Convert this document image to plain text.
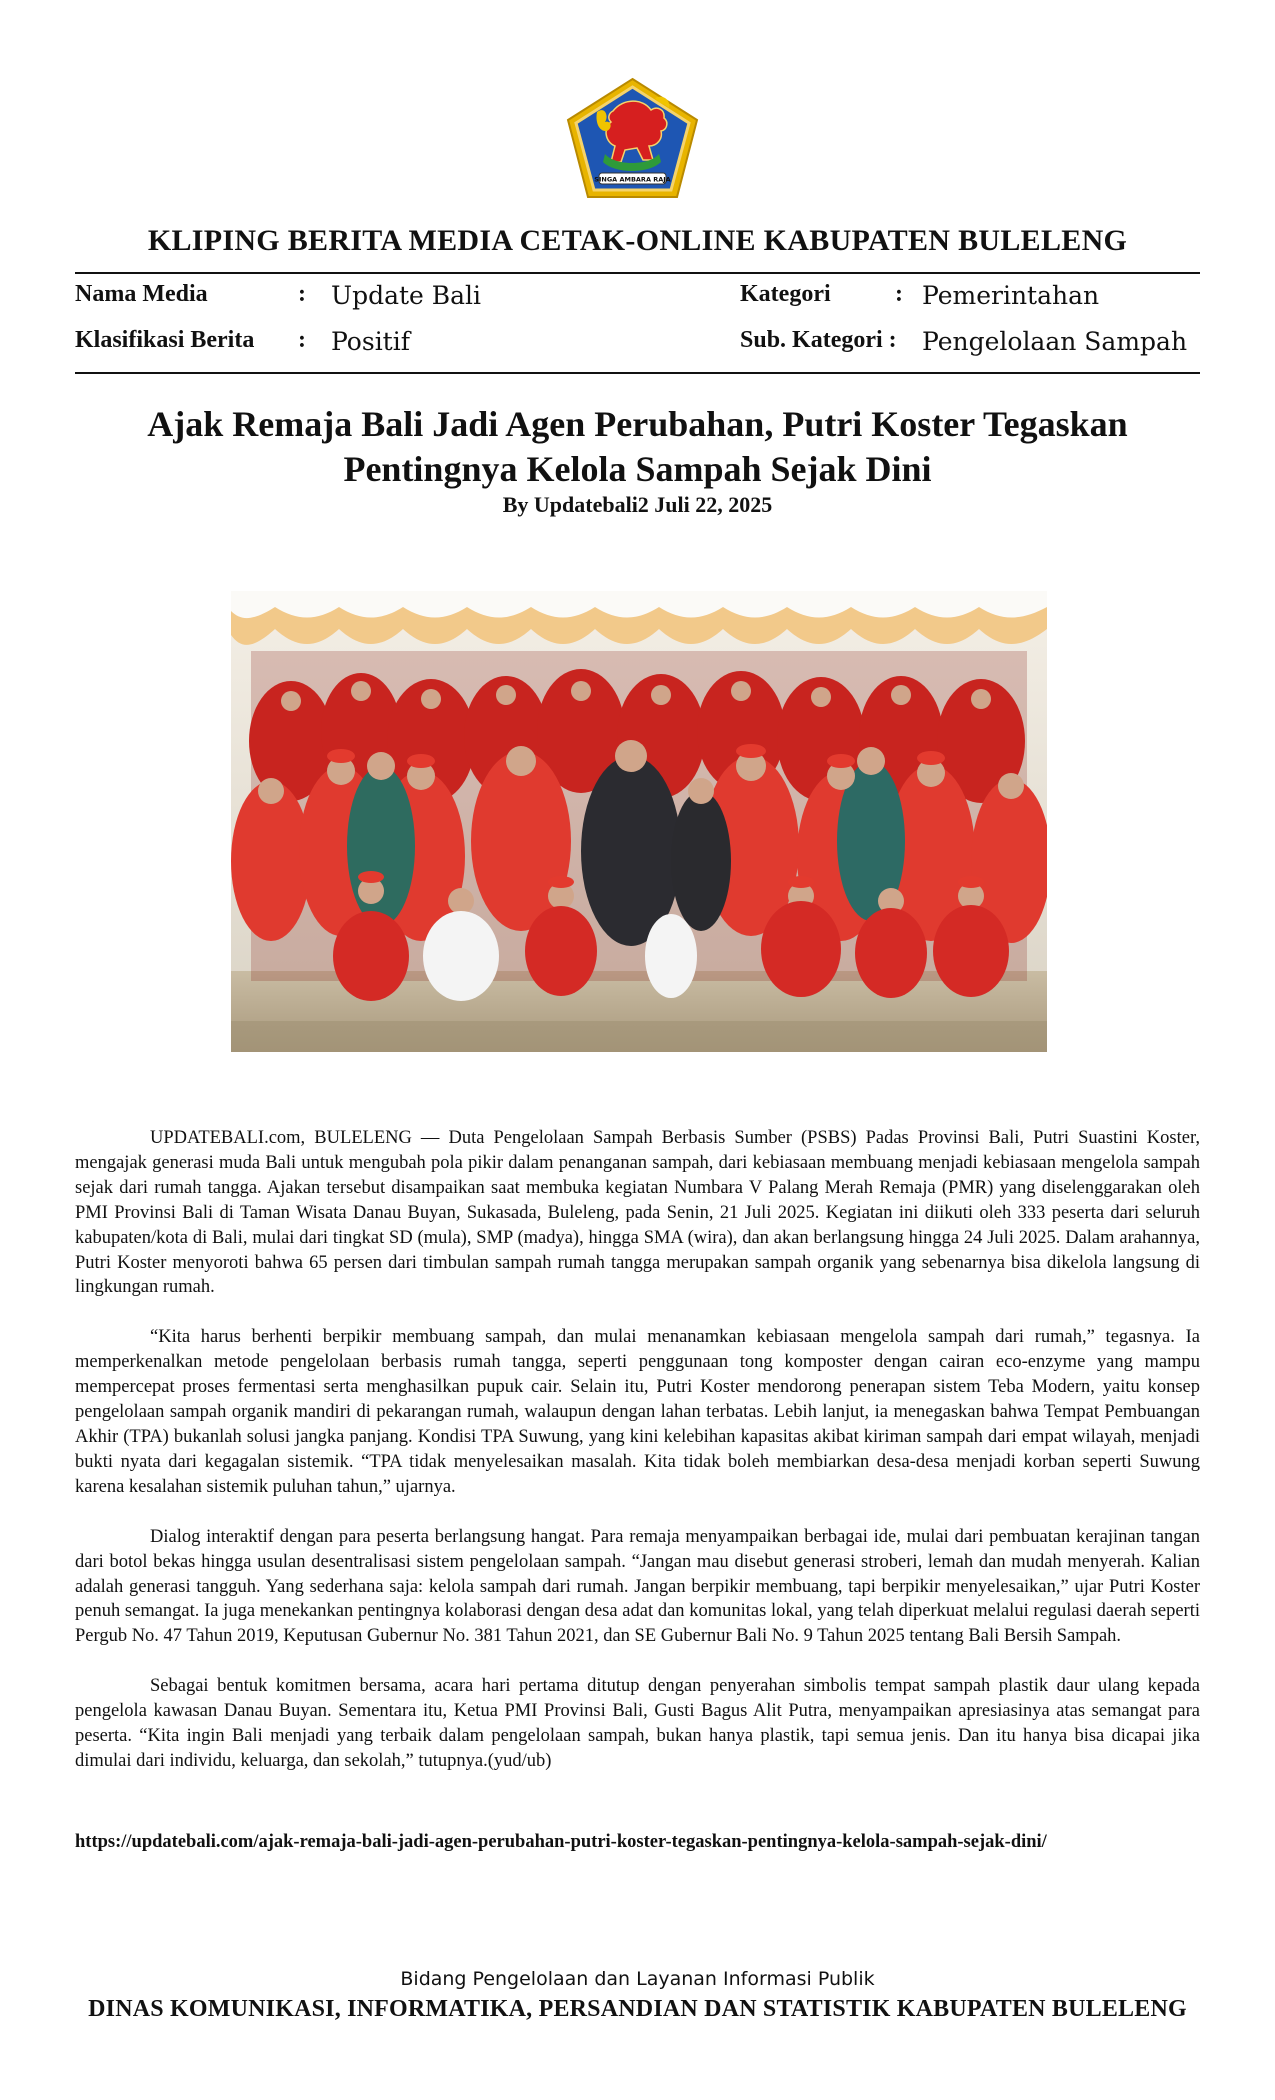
SINGA AMBARA RAJA
KLIPING BERITA MEDIA CETAK-ONLINE KABUPATEN BULELENG
Nama Media	: Update Bali	Kategori	: Pemerintahan
Klasifikasi Berita : Positif	Sub. Kategori : Pengelolaan Sampah
Ajak Remaja Bali Jadi Agen Perubahan, Putri Koster Tegaskan Pentingnya Kelola Sampah Sejak Dini
By Updatebali2 Juli 22, 2025

UPDATEBALI.com, BULELENG — Duta Pengelolaan Sampah Berbasis Sumber (PSBS) Padas Provinsi Bali, Putri Suastini Koster, mengajak generasi muda Bali untuk mengubah pola pikir dalam penanganan sampah, dari kebiasaan membuang menjadi kebiasaan mengelola sampah sejak dari rumah tangga. Ajakan tersebut disampaikan saat membuka kegiatan Numbara V Palang Merah Remaja (PMR) yang diselenggarakan oleh PMI Provinsi Bali di Taman Wisata Danau Buyan, Sukasada, Buleleng, pada Senin, 21 Juli 2025. Kegiatan ini diikuti oleh 333 peserta dari seluruh kabupaten/kota di Bali, mulai dari tingkat SD (mula), SMP (madya), hingga SMA (wira), dan akan berlangsung hingga 24 Juli 2025. Dalam arahannya, Putri Koster menyoroti bahwa 65 persen dari timbulan sampah rumah tangga merupakan sampah organik yang sebenarnya bisa dikelola langsung di lingkungan rumah.

“Kita harus berhenti berpikir membuang sampah, dan mulai menanamkan kebiasaan mengelola sampah dari rumah,” tegasnya. Ia memperkenalkan metode pengelolaan berbasis rumah tangga, seperti penggunaan tong komposter dengan cairan eco-enzyme yang mampu mempercepat proses fermentasi serta menghasilkan pupuk cair. Selain itu, Putri Koster mendorong penerapan sistem Teba Modern, yaitu konsep pengelolaan sampah organik mandiri di pekarangan rumah, walaupun dengan lahan terbatas. Lebih lanjut, ia menegaskan bahwa Tempat Pembuangan Akhir (TPA) bukanlah solusi jangka panjang. Kondisi TPA Suwung, yang kini kelebihan kapasitas akibat kiriman sampah dari empat wilayah, menjadi bukti nyata dari kegagalan sistemik. “TPA tidak menyelesaikan masalah. Kita tidak boleh membiarkan desa-desa menjadi korban seperti Suwung karena kesalahan sistemik puluhan tahun,” ujarnya.

Dialog interaktif dengan para peserta berlangsung hangat. Para remaja menyampaikan berbagai ide, mulai dari pembuatan kerajinan tangan dari botol bekas hingga usulan desentralisasi sistem pengelolaan sampah. “Jangan mau disebut generasi stroberi, lemah dan mudah menyerah. Kalian adalah generasi tangguh. Yang sederhana saja: kelola sampah dari rumah. Jangan berpikir membuang, tapi berpikir menyelesaikan,” ujar Putri Koster penuh semangat. Ia juga menekankan pentingnya kolaborasi dengan desa adat dan komunitas lokal, yang telah diperkuat melalui regulasi daerah seperti Pergub No. 47 Tahun 2019, Keputusan Gubernur No. 381 Tahun 2021, dan SE Gubernur Bali No. 9 Tahun 2025 tentang Bali Bersih Sampah.

Sebagai bentuk komitmen bersama, acara hari pertama ditutup dengan penyerahan simbolis tempat sampah plastik daur ulang kepada pengelola kawasan Danau Buyan. Sementara itu, Ketua PMI Provinsi Bali, Gusti Bagus Alit Putra, menyampaikan apresiasinya atas semangat para peserta. “Kita ingin Bali menjadi yang terbaik dalam pengelolaan sampah, bukan hanya plastik, tapi semua jenis. Dan itu hanya bisa dicapai jika dimulai dari individu, keluarga, dan sekolah,” tutupnya.(yud/ub)

https://updatebali.com/ajak-remaja-bali-jadi-agen-perubahan-putri-koster-tegaskan-pentingnya-kelola-sampah-sejak-dini/
Bidang Pengelolaan dan Layanan Informasi Publik
DINAS KOMUNIKASI, INFORMATIKA, PERSANDIAN DAN STATISTIK KABUPATEN BULELENG
